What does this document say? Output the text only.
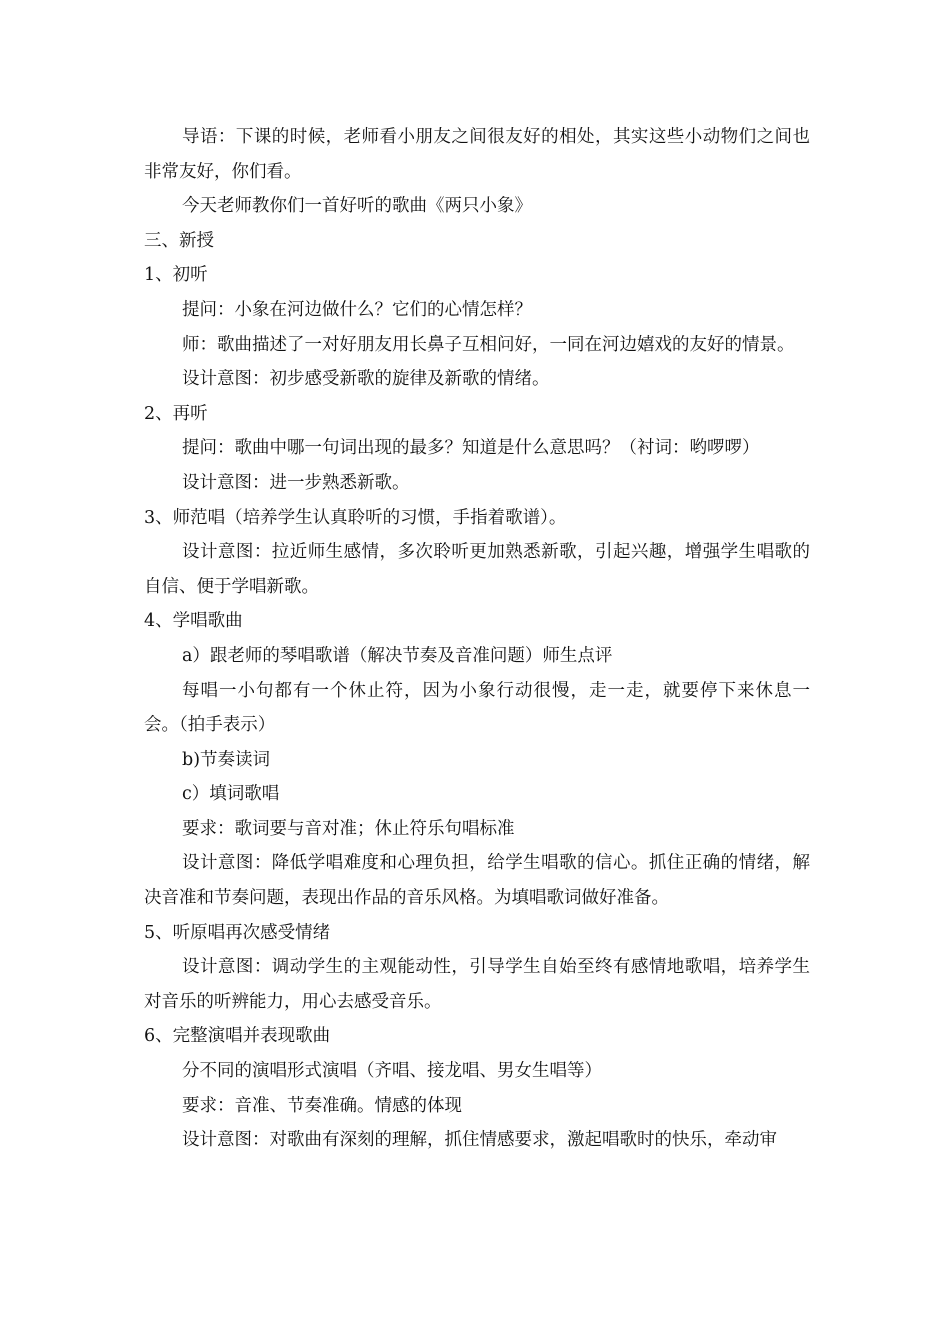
导语：下课的时候，老师看小朋友之间很友好的相处，其实这些小动物们之间也非常友好，你们看。

今天老师教你们一首好听的歌曲《两只小象》

三、新授

1、初听

提问：小象在河边做什么？它们的心情怎样？

师：歌曲描述了一对好朋友用长鼻子互相问好，一同在河边嬉戏的友好的情景。

设计意图：初步感受新歌的旋律及新歌的情绪。

2、再听

提问：歌曲中哪一句词出现的最多？知道是什么意思吗？（衬词：哟啰啰）

设计意图：进一步熟悉新歌。

3、师范唱（培养学生认真聆听的习惯，手指着歌谱）。

设计意图：拉近师生感情，多次聆听更加熟悉新歌，引起兴趣，增强学生唱歌的自信、便于学唱新歌。

4、学唱歌曲

a）跟老师的琴唱歌谱（解决节奏及音准问题）师生点评

每唱一小句都有一个休止符，因为小象行动很慢，走一走，就要停下来休息一会。（拍手表示）

b)节奏读词

c）填词歌唱

要求：歌词要与音对准；休止符乐句唱标准

设计意图：降低学唱难度和心理负担，给学生唱歌的信心。抓住正确的情绪，解决音准和节奏问题，表现出作品的音乐风格。为填唱歌词做好准备。

5、听原唱再次感受情绪

设计意图：调动学生的主观能动性，引导学生自始至终有感情地歌唱，培养学生对音乐的听辨能力，用心去感受音乐。

6、完整演唱并表现歌曲

分不同的演唱形式演唱（齐唱、接龙唱、男女生唱等）

要求：音准、节奏准确。情感的体现

设计意图：对歌曲有深刻的理解，抓住情感要求，激起唱歌时的快乐，牵动审
